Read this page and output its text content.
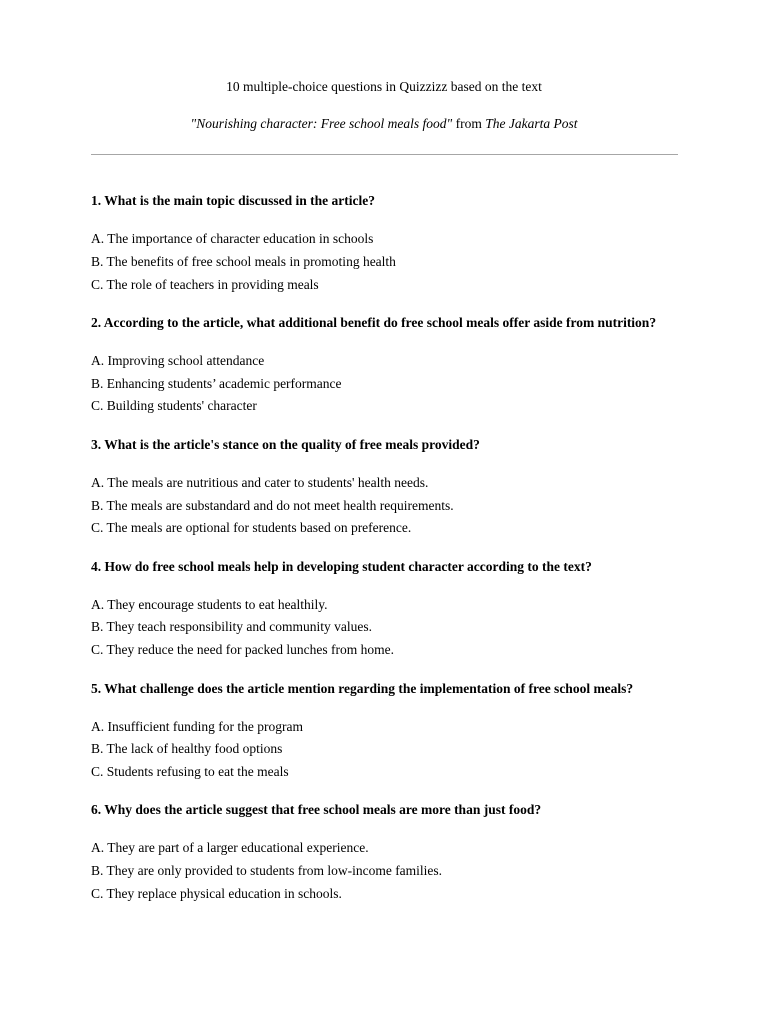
10 multiple-choice questions in Quizzizz based on the text
"Nourishing character: Free school meals food" from The Jakarta Post
1. What is the main topic discussed in the article?
A. The importance of character education in schools
B. The benefits of free school meals in promoting health
C. The role of teachers in providing meals
2. According to the article, what additional benefit do free school meals offer aside from nutrition?
A. Improving school attendance
B. Enhancing students’ academic performance
C. Building students' character
3. What is the article's stance on the quality of free meals provided?
A. The meals are nutritious and cater to students' health needs.
B. The meals are substandard and do not meet health requirements.
C. The meals are optional for students based on preference.
4. How do free school meals help in developing student character according to the text?
A. They encourage students to eat healthily.
B. They teach responsibility and community values.
C. They reduce the need for packed lunches from home.
5. What challenge does the article mention regarding the implementation of free school meals?
A. Insufficient funding for the program
B. The lack of healthy food options
C. Students refusing to eat the meals
6. Why does the article suggest that free school meals are more than just food?
A. They are part of a larger educational experience.
B. They are only provided to students from low-income families.
C. They replace physical education in schools.
